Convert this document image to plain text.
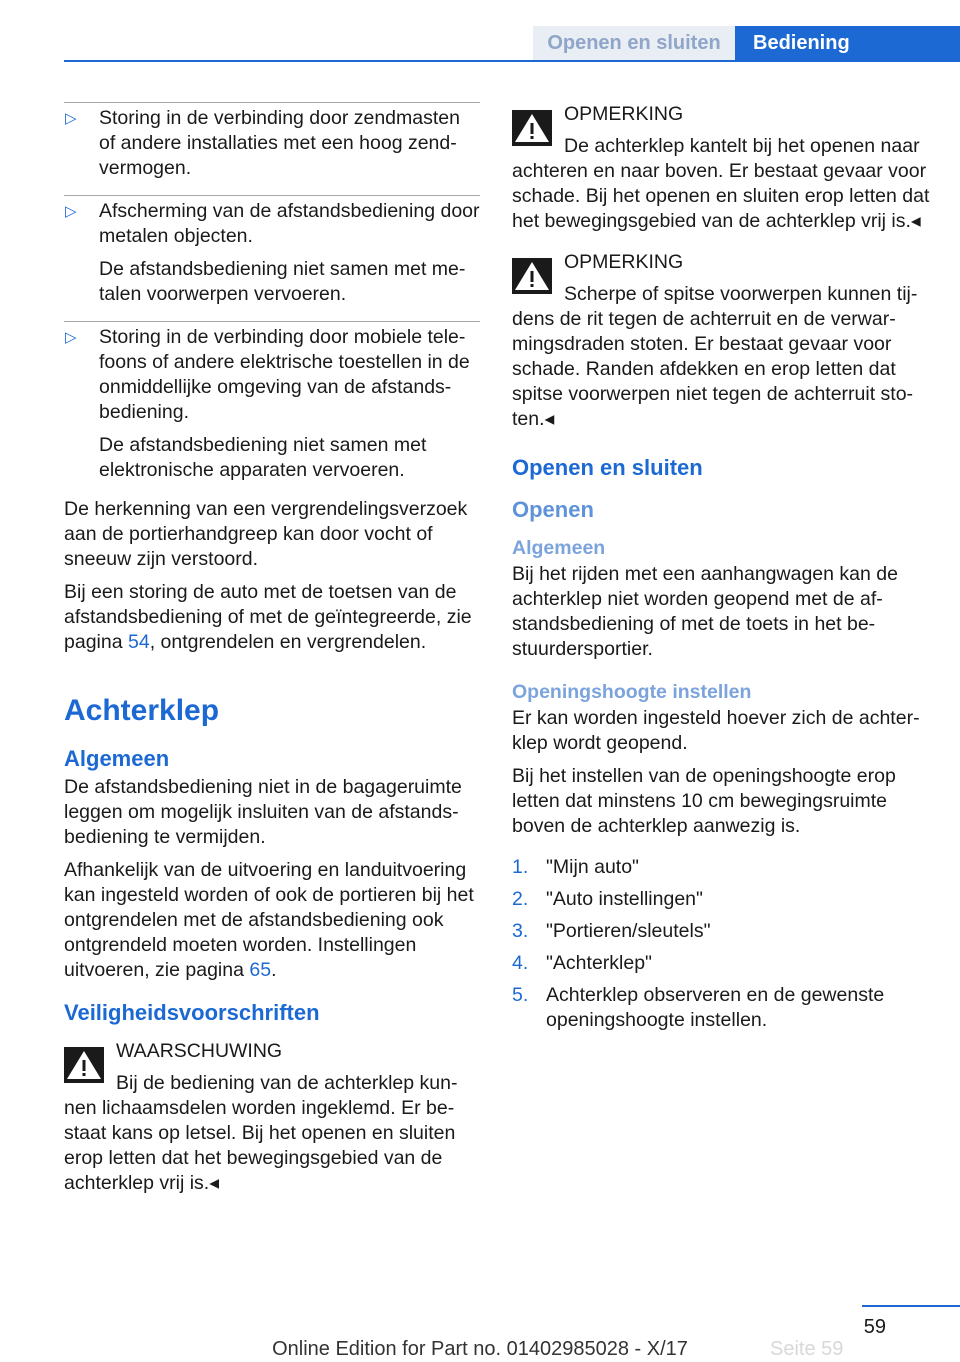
Openen en sluiten	Bediening
▷	Storing in de verbinding door zendmasten of andere installaties met een hoog zend‐vermogen.

▷	Afscherming van de afstandsbediening door metalen objecten.

De afstandsbediening niet samen met me‐talen voorwerpen vervoeren.

▷	Storing in de verbinding door mobiele tele‐foons of andere elektrische toestellen in de onmiddellijke omgeving van de afstands‐bediening.

De afstandsbediening niet samen met elektronische apparaten vervoeren.

De herkenning van een vergrendelingsverzoek aan de portierhandgreep kan door vocht of sneeuw zijn verstoord.

Bij een storing de auto met de toetsen van de afstandsbediening of met de geïntegreerde, zie pagina 54, ontgrendelen en vergrendelen.

Achterklep
Algemeen

De afstandsbediening niet in de bagageruimte leggen om mogelijk insluiten van de afstands‐bediening te vermijden.

Afhankelijk van de uitvoering en landuitvoering kan ingesteld worden of ook de portieren bij het ontgrendelen met de afstandsbediening ook ontgrendeld moeten worden. Instellingen uitvoeren, zie pagina 65.

Veiligheidsvoorschriften
WAARSCHUWING

Bij de bediening van de achterklep kun‐nen lichaamsdelen worden ingeklemd. Er be‐staat kans op letsel. Bij het openen en sluiten erop letten dat het bewegingsgebied van de achterklep vrij is.◂

OPMERKING

De achterklep kantelt bij het openen naar achteren en naar boven. Er bestaat gevaar voor schade. Bij het openen en sluiten erop letten dat het bewegingsgebied van de achterklep vrij is.◂

OPMERKING

Scherpe of spitse voorwerpen kunnen tij‐dens de rit tegen de achterruit en de verwar‐mingsdraden stoten. Er bestaat gevaar voor schade. Randen afdekken en erop letten dat spitse voorwerpen niet tegen de achterruit sto‐ten.◂

Openen en sluiten
Openen
Algemeen

Bij het rijden met een aanhangwagen kan de achterklep niet worden geopend met de af‐standsbediening of met de toets in het be‐stuurdersportier.

Openingshoogte instellen

Er kan worden ingesteld hoever zich de achter‐klep wordt geopend.

Bij het instellen van de openingshoogte erop letten dat minstens 10 cm bewegingsruimte boven de achterklep aanwezig is.

1. "Mijn auto"
2. "Auto instellingen"
3. "Portieren/sleutels"
4. "Achterklep"
5. Achterklep observeren en de gewenste openingshoogte instellen.
59
Seite 59
Online Edition for Part no. 01402985028 - X/17
